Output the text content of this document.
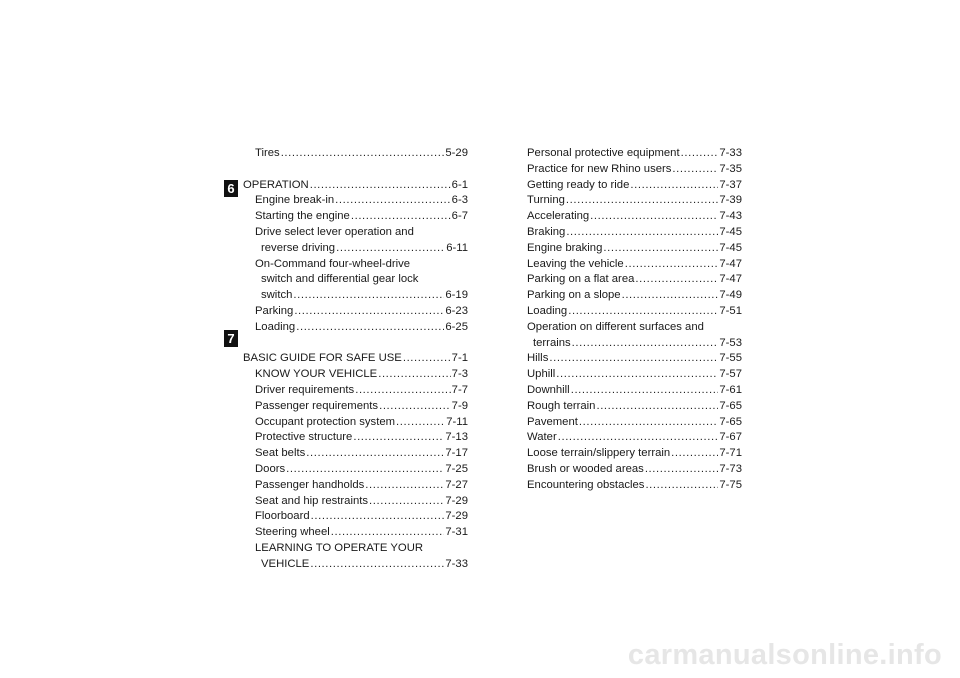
6
7
Tires .....	5-29
OPERATION .....	6-1
Engine break-in .....	6-3
Starting the engine .....	6-7
Drive select lever operation and
reverse driving .....	6-11
On-Command four-wheel-drive
switch and differential gear lock
switch .....	6-19
Parking .....	6-23
Loading .....	6-25
BASIC GUIDE FOR SAFE USE .....	7-1
KNOW YOUR VEHICLE .....	7-3
Driver requirements .....	7-7
Passenger requirements .....	7-9
Occupant protection system .....	7-11
Protective structure .....	7-13
Seat belts .....	7-17
Doors .....	7-25
Passenger handholds .....	7-27
Seat and hip restraints .....	7-29
Floorboard .....	7-29
Steering wheel .....	7-31
LEARNING TO OPERATE YOUR
VEHICLE .....	7-33
Personal protective equipment .....	7-33
Practice for new Rhino users .....	7-35
Getting ready to ride .....	7-37
Turning .....	7-39
Accelerating .....	7-43
Braking .....	7-45
Engine braking .....	7-45
Leaving the vehicle .....	7-47
Parking on a flat area .....	7-47
Parking on a slope .....	7-49
Loading .....	7-51
Operation on different surfaces and
terrains .....	7-53
Hills .....	7-55
Uphill .....	7-57
Downhill .....	7-61
Rough terrain .....	7-65
Pavement .....	7-65
Water .....	7-67
Loose terrain/slippery terrain .....	7-71
Brush or wooded areas .....	7-73
Encountering obstacles .....	7-75
carmanualsonline.info
